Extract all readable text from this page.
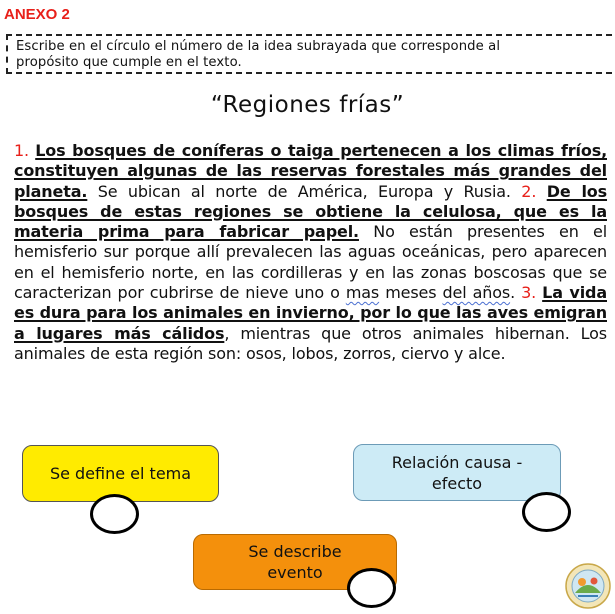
ANEXO 2
Escribe en el círculo el número de la idea subrayada que corresponde al
propósito que cumple en el texto.
“Regiones frías”
1. Los bosques de coníferas o taiga pertenecen a los climas fríos, constituyen algunas de las reservas forestales más grandes del planeta. Se ubican al norte de América, Europa y Rusia. 2. De los bosques de estas regiones se obtiene la celulosa, que es la materia prima para fabricar papel. No están presentes en el hemisferio sur porque allí prevalecen las aguas oceánicas, pero aparecen en el hemisferio norte, en las cordilleras y en las zonas boscosas que se caracterizan por cubrirse de nieve uno o mas meses del años. 3. La vida es dura para los animales en invierno, por lo que las aves emigran a lugares más cálidos, mientras que otros animales hibernan. Los animales de esta región son: osos, lobos, zorros, ciervo y alce.
Se define el tema
Relación causa -
efecto
Se describe
evento
